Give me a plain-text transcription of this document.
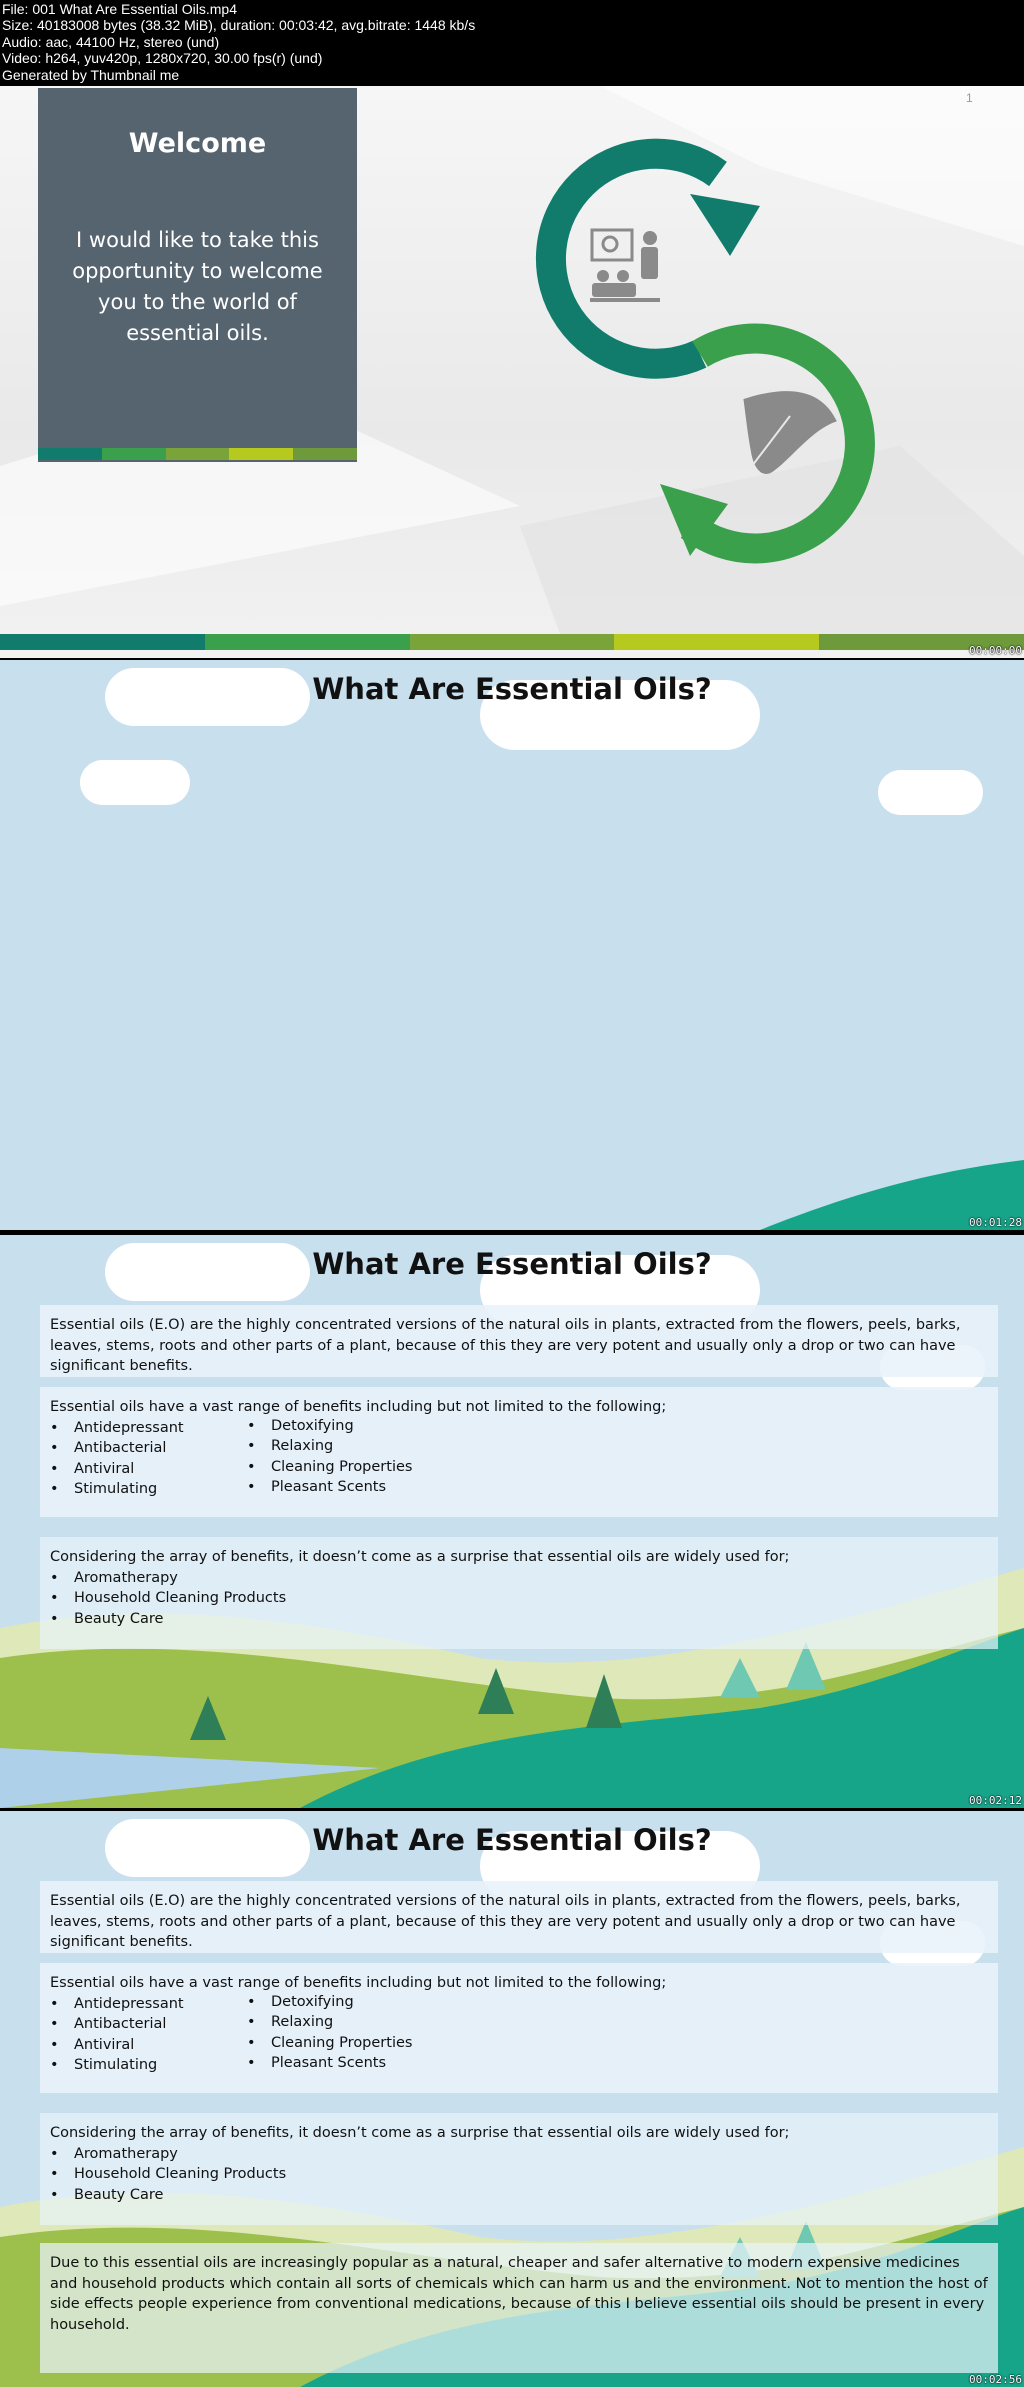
File: 001 What Are Essential Oils.mp4
Size: 40183008 bytes (38.32 MiB), duration: 00:03:42, avg.bitrate: 1448 kb/s
Audio: aac, 44100 Hz, stereo (und)
Video: h264, yuv420p, 1280x720, 30.00 fps(r) (und)
Generated by Thumbnail me
Welcome

I would like to take this opportunity to welcome you to the world of essential oils.

1
00:00:00
What Are Essential Oils?
00:01:28
What Are Essential Oils?
Essential oils (E.O) are the highly concentrated versions of the natural oils in plants, extracted from the flowers, peels, barks, leaves, stems, roots and other parts of a plant, because of this they are very potent and usually only a drop or two can have significant benefits.
Essential oils have a vast range of benefits including but not limited to the following;
• Antidepressant
• Antibacterial
• Antiviral
• Stimulating
• Detoxifying
• Relaxing
• Cleaning Properties
• Pleasant Scents
Considering the array of benefits, it doesn’t come as a surprise that essential oils are widely used for;
• Aromatherapy
• Household Cleaning Products
• Beauty Care
00:02:12
What Are Essential Oils?
Essential oils (E.O) are the highly concentrated versions of the natural oils in plants, extracted from the flowers, peels, barks, leaves, stems, roots and other parts of a plant, because of this they are very potent and usually only a drop or two can have significant benefits.
Essential oils have a vast range of benefits including but not limited to the following;
• Antidepressant
• Antibacterial
• Antiviral
• Stimulating
• Detoxifying
• Relaxing
• Cleaning Properties
• Pleasant Scents
Considering the array of benefits, it doesn’t come as a surprise that essential oils are widely used for;
• Aromatherapy
• Household Cleaning Products
• Beauty Care
Due to this essential oils are increasingly popular as a natural, cheaper and safer alternative to modern expensive medicines and household products which contain all sorts of chemicals which can harm us and the environment. Not to mention the host of side effects people experience from conventional medications, because of this I believe essential oils should be present in every household.
00:02:56
